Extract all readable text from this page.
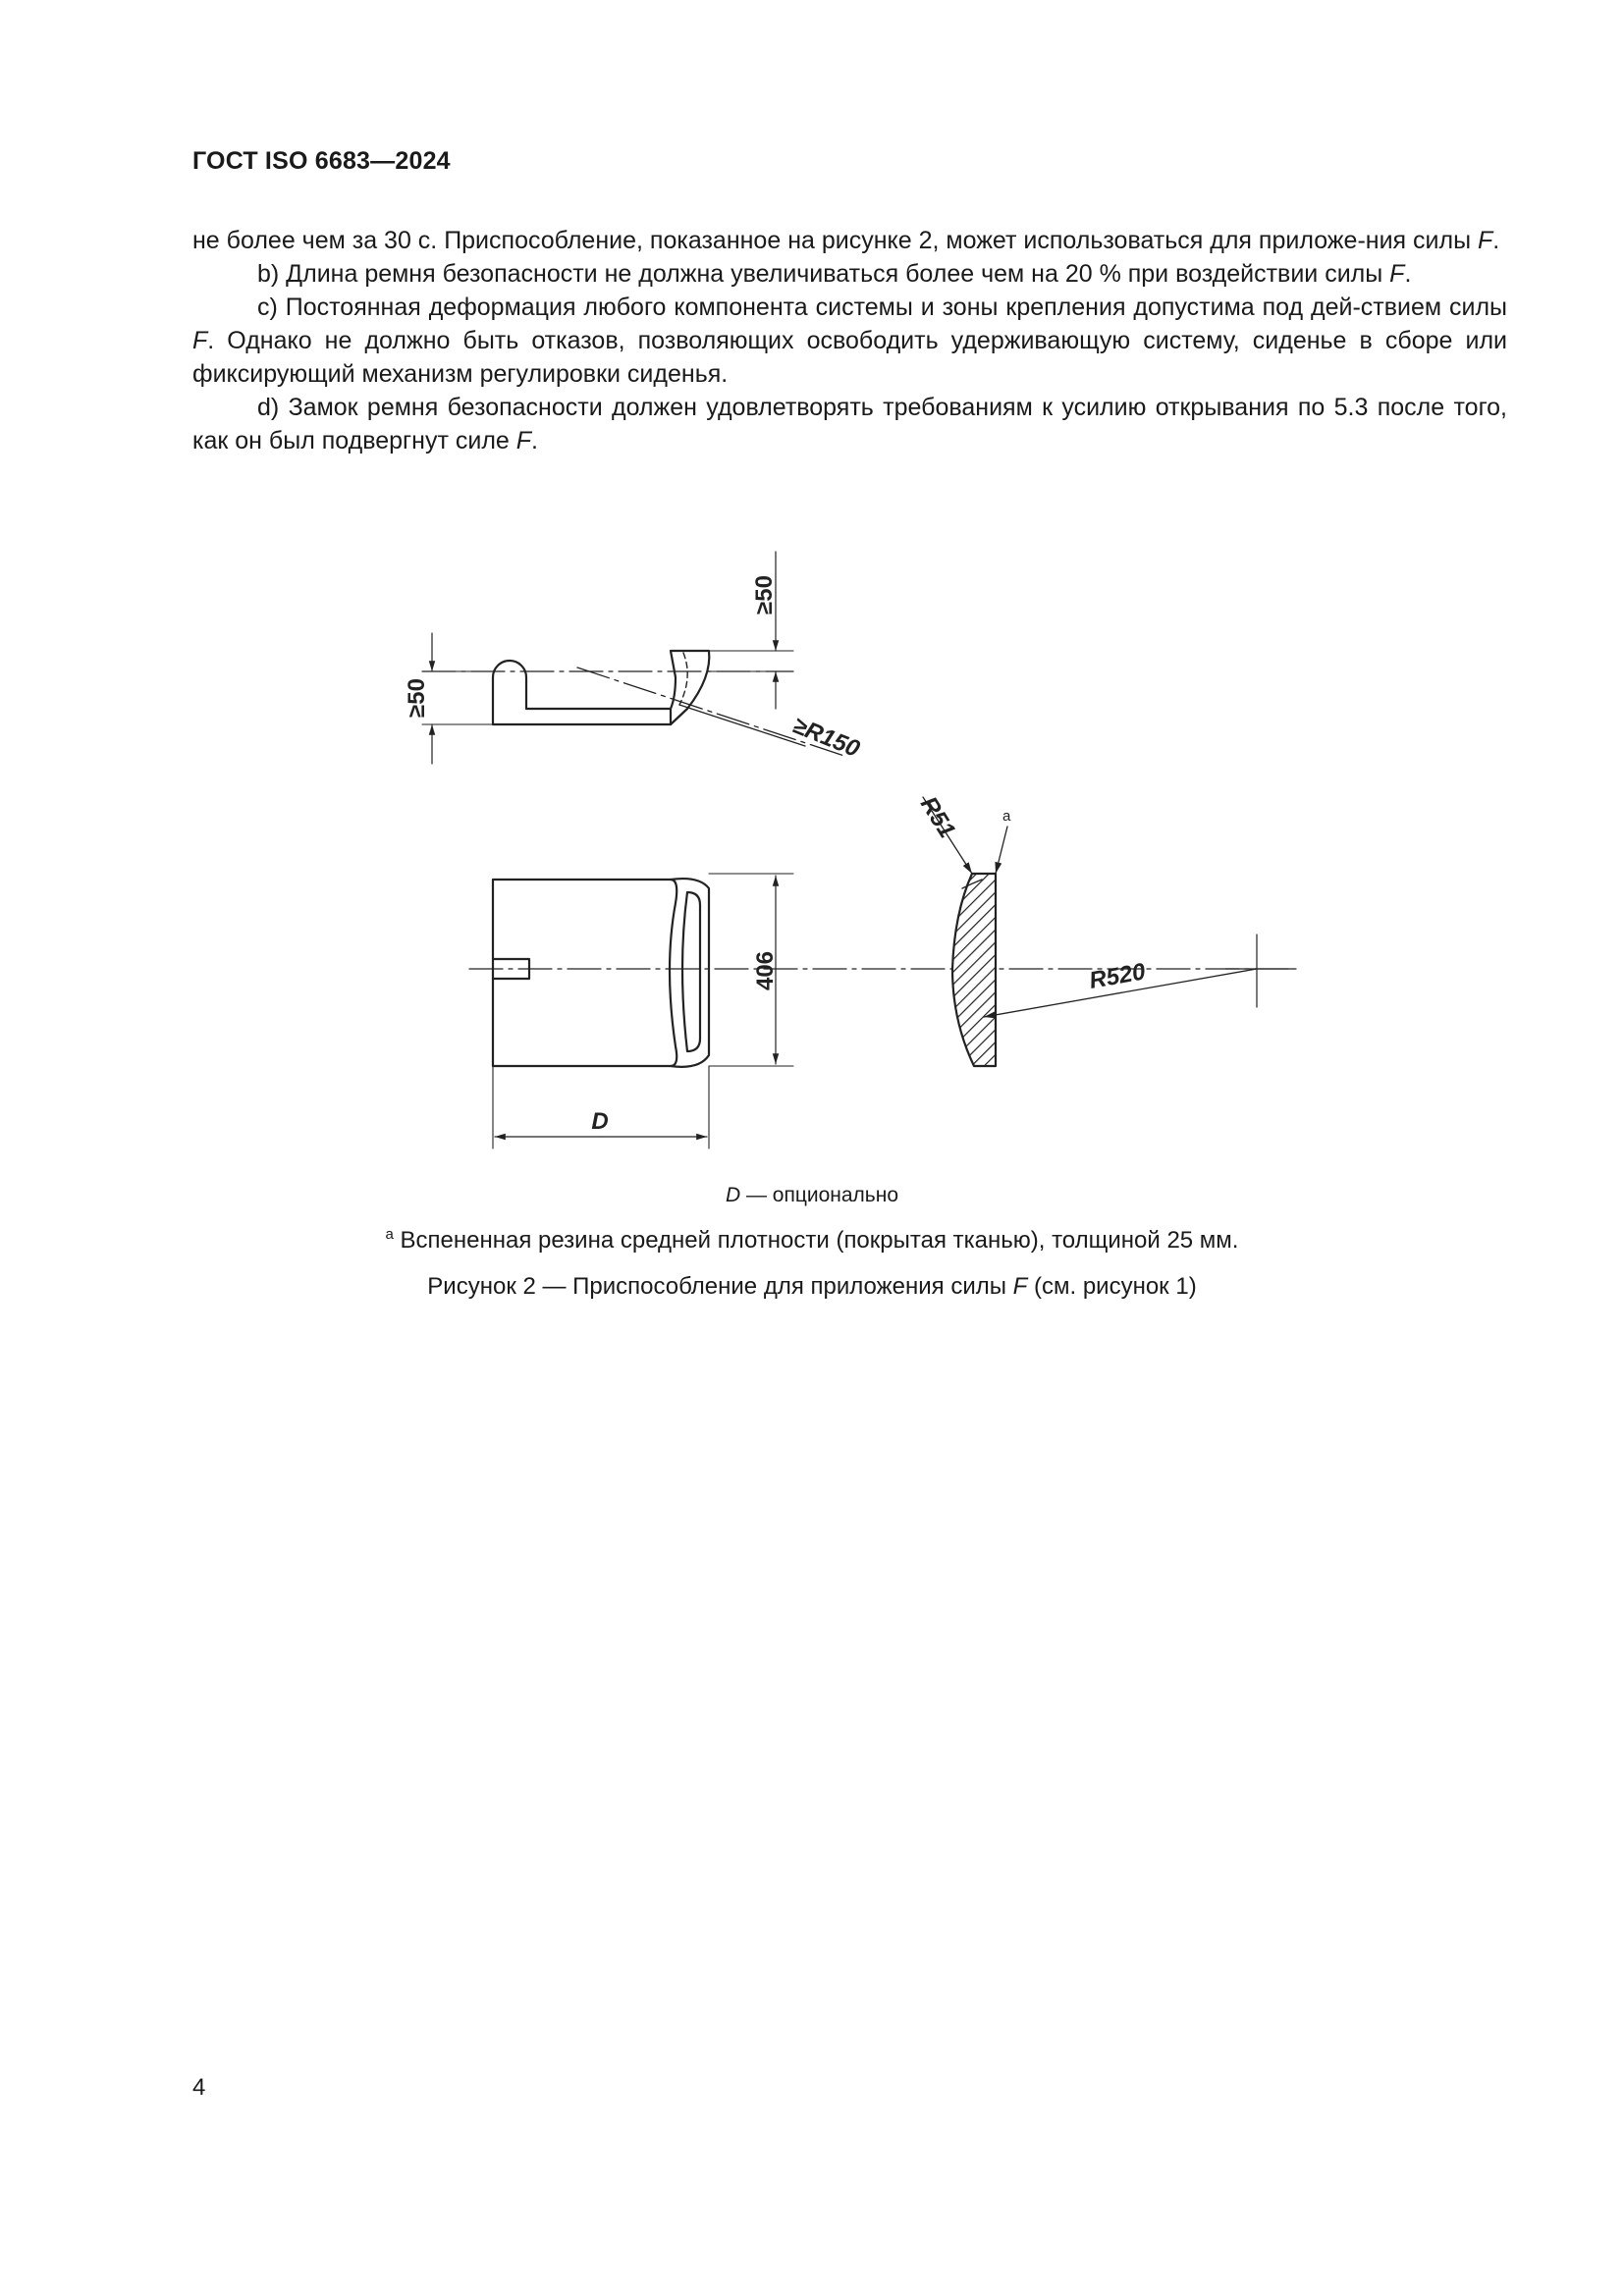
ГОСТ ISO 6683—2024

не более чем за 30 с. Приспособление, показанное на рисунке 2, может использоваться для приложе-ния силы F.

b) Длина ремня безопасности не должна увеличиваться более чем на 20 % при воздействии силы F.

c) Постоянная деформация любого компонента системы и зоны крепления допустима под дей-ствием силы F. Однако не должно быть отказов, позволяющих освободить удерживающую систему, сиденье в сборе или фиксирующий механизм регулировки сиденья.

d) Замок ремня безопасности должен удовлетворять требованиям к усилию открывания по 5.3 после того, как он был подвергнут силе F.

≥50
≥50
≥R150
R51	a
406	R520
D
D — опционально
$^a$ Вспененная резина средней плотности (покрытая тканью), толщиной 25 мм.
Рисунок 2 — Приспособление для приложения силы F (см. рисунок 1)
4
